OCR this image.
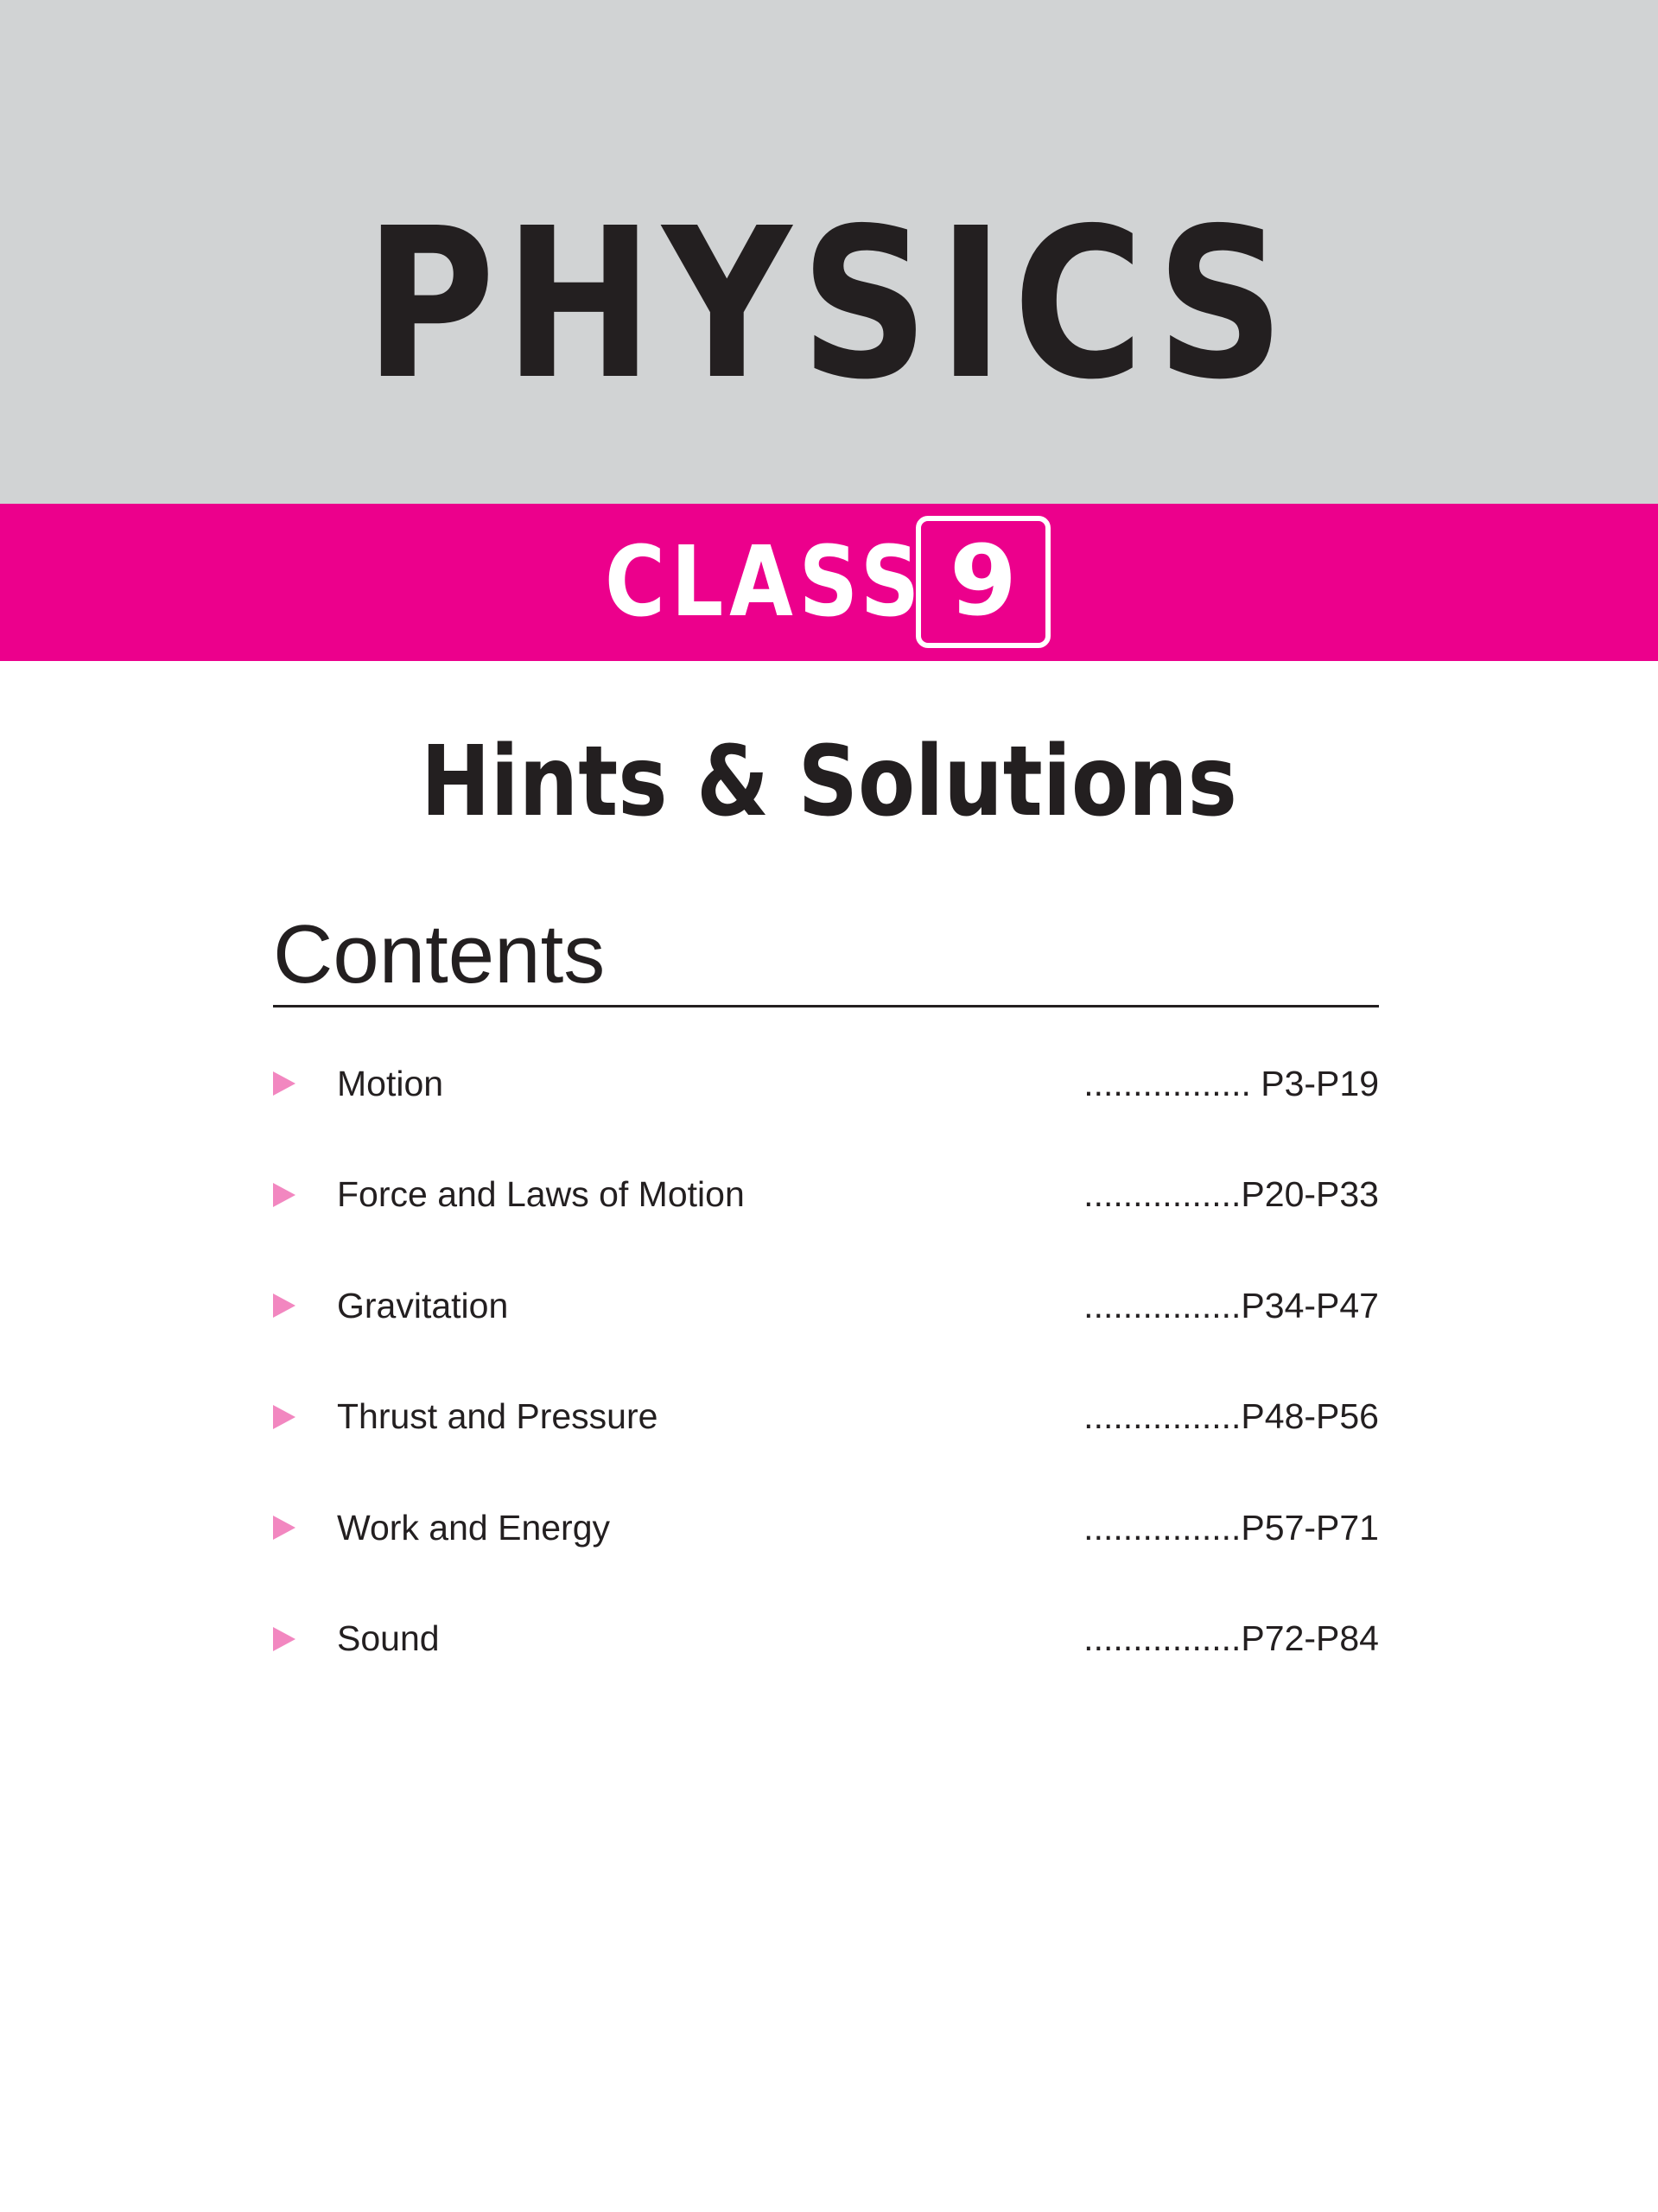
PHYSICS
CLASS 9
Hints & Solutions
Contents
Motion	................. P3-P19
Force and Laws of Motion	................P20-P33
Gravitation	................P34-P47
Thrust and Pressure	................P48-P56
Work and Energy	................P57-P71
Sound	................P72-P84
